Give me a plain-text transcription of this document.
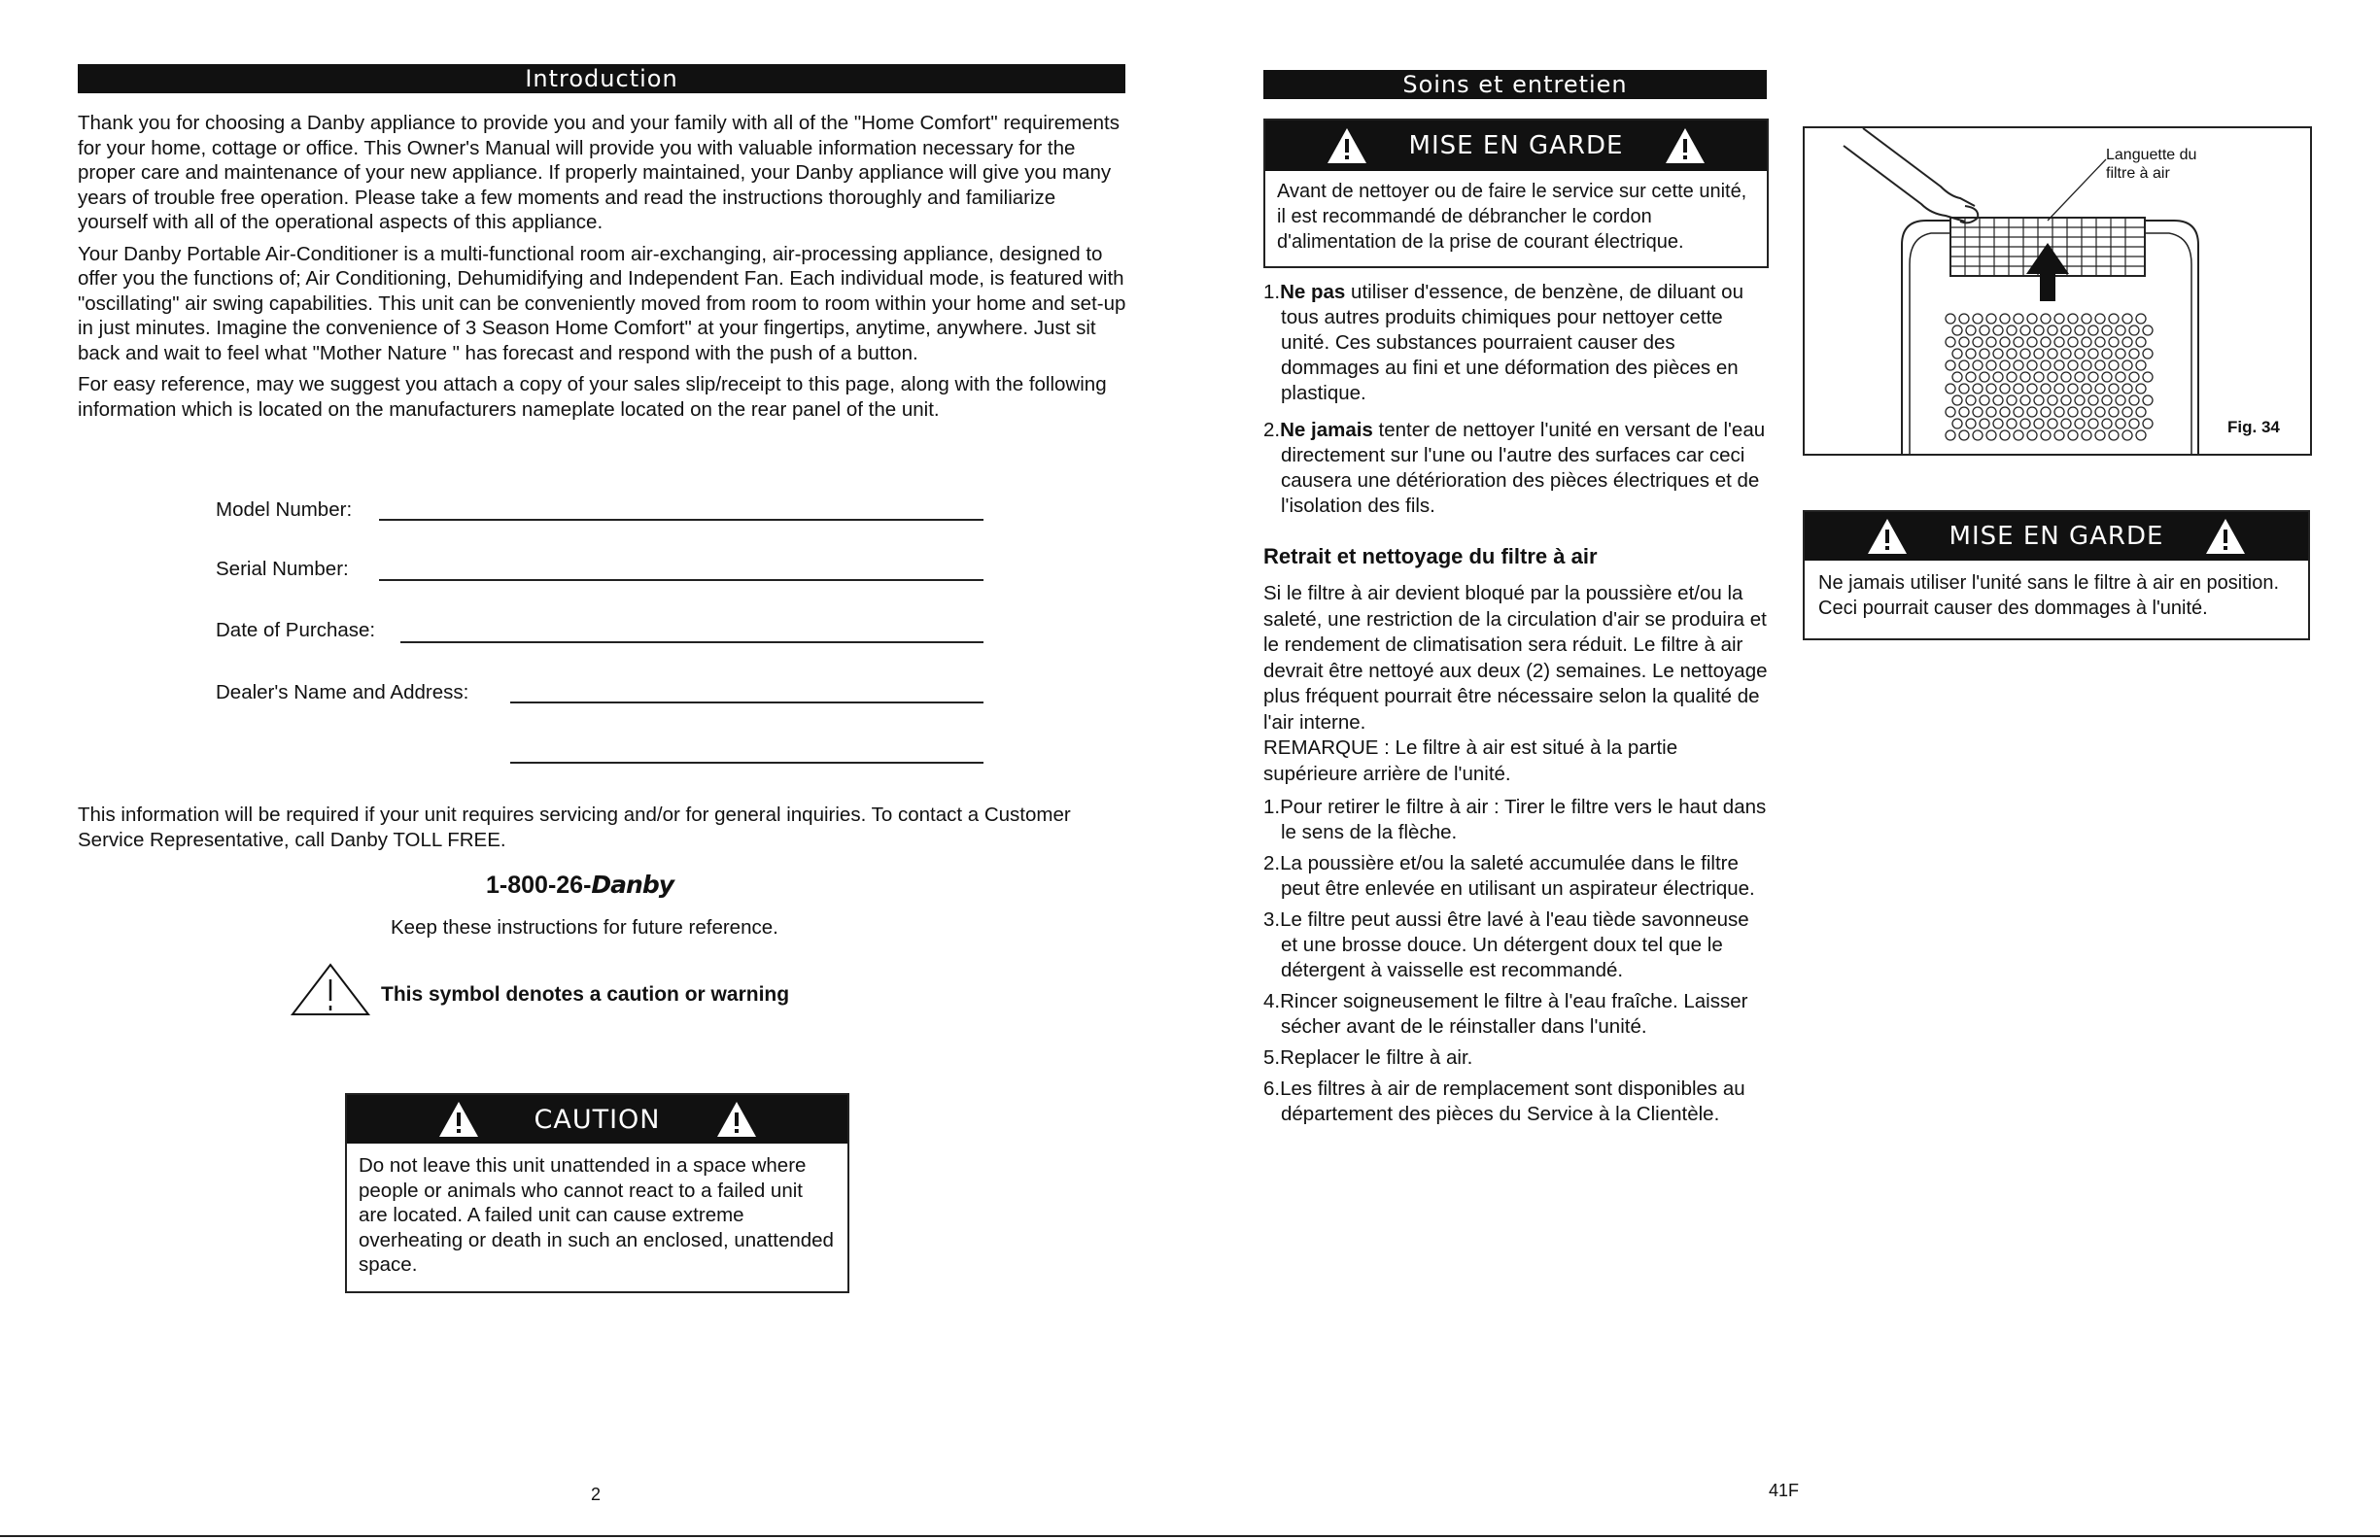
Introduction

Thank you for choosing a Danby appliance to provide you and your family with all of the "Home Comfort" requirements for your home, cottage or office. This Owner's Manual will provide you with valuable information necessary for the proper care and maintenance of your new appliance. If properly maintained, your Danby appliance will give you many years of trouble free operation. Please take a few moments and read the instructions thoroughly and familiarize yourself with all of the operational aspects of this appliance.

Your Danby Portable Air-Conditioner is a multi-functional room air-exchanging, air-processing appliance, designed to offer you the functions of; Air Conditioning, Dehumidifying and Independent Fan. Each individual mode, is featured with "oscillating" air swing capabilities. This unit can be conveniently moved from room to room within your home and set-up in just minutes. Imagine the convenience of 3 Season Home Comfort" at your fingertips, anytime, anywhere. Just sit back and wait to feel what "Mother Nature " has forecast and respond with the push of a button.

For easy reference, may we suggest you attach a copy of your sales slip/receipt to this page, along with the following information which is located on the manufacturers nameplate located on the rear panel of the unit.

Model Number:
Serial Number:
Date of Purchase:
Dealer's Name and Address:

This information will be required if your unit requires servicing and/or for general inquiries. To contact a Customer Service Representative, call Danby TOLL FREE.

1-800-26-Danby
Keep these instructions for future reference.
This symbol denotes a caution or warning
CAUTION

Do not leave this unit unattended in a space where people or animals who cannot react to a failed unit are located. A failed unit can cause extreme overheating or death in such an enclosed, unattended space.

2
Soins et entretien
MISE EN GARDE

Avant de nettoyer ou de faire le service sur cette unité, il est recommandé de débrancher le cordon d'alimentation de la prise de courant électrique.

1.Ne pas utiliser d'essence, de benzène, de diluant ou tous autres produits chimiques pour nettoyer cette unité. Ces substances pourraient causer des dommages au fini et une déformation des pièces en plastique.
2.Ne jamais tenter de nettoyer l'unité en versant de l'eau directement sur l'une ou l'autre des surfaces car ceci causera une détérioration des pièces électriques et de l'isolation des fils.
Retrait et nettoyage du filtre à air

Si le filtre à air devient bloqué par la poussière et/ou la saleté, une restriction de la circulation d'air se produira et le rendement de climatisation sera réduit. Le filtre à air devrait être nettoyé aux deux (2) semaines. Le nettoyage plus fréquent pourrait être nécessaire selon la qualité de l'air interne.

REMARQUE : Le filtre à air est situé à la partie supérieure arrière de l'unité.

1.Pour retirer le filtre à air : Tirer le filtre vers le haut dans le sens de la flèche.
2.La poussière et/ou la saleté accumulée dans le filtre peut être enlevée en utilisant un aspirateur électrique.
3.Le filtre peut aussi être lavé à l'eau tiède savonneuse et une brosse douce. Un détergent doux tel que le détergent à vaisselle est recommandé.
4.Rincer soigneusement le filtre à l'eau fraîche. Laisser sécher avant de le réinstaller dans l'unité.
5.Replacer le filtre à air.
6.Les filtres à air de remplacement sont disponibles au département des pièces du Service à la Clientèle.
Languette du
filtre à air
Fig. 34
MISE EN GARDE

Ne jamais utiliser l'unité sans le filtre à air en position. Ceci pourrait causer des dommages à l'unité.

41F
